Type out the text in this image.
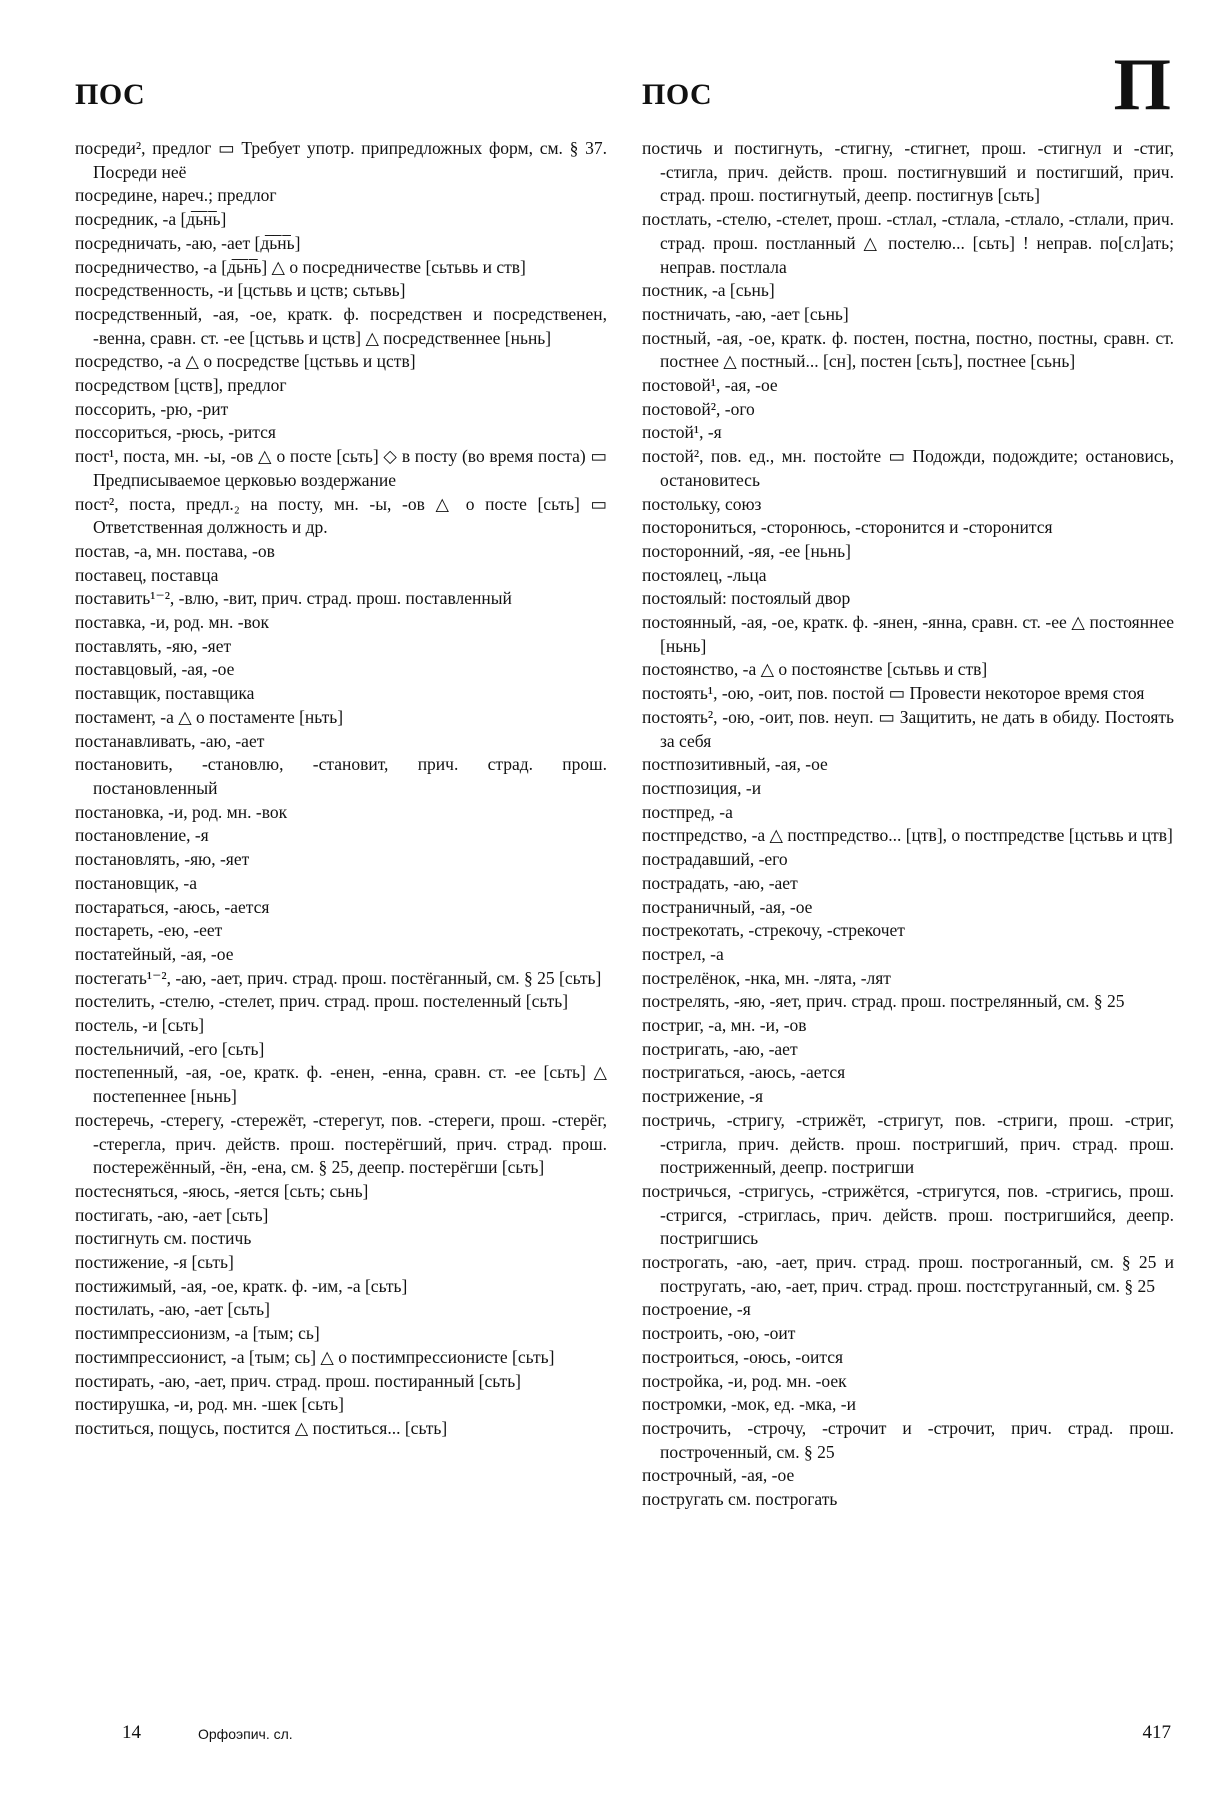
ПОС	ПОС	П

посреди², предлог ▭ Требует употр. припредложных форм, см. § 37. Посреди неё

посредине, нареч.; предлог

посредник, -а [д̅ь̅н̅ь]

посредничать, -аю, -ает [д̅ь̅н̅ь]

посредничество, -а [д̅ь̅н̅ь] △ о посредничестве [сьтьвь и ств]

посредственность, -и [цстьвь и цств; сьтьвь]

посредственный, -ая, -ое, кратк. ф. посредствен и посредственен, -венна, сравн. ст. -ее [цстьвь и цств] △ посредственнее [ньнь]

посредство, -а △ о посредстве [цстьвь и цств]

посредством [цств], предлог

поссорить, -рю, -рит

поссориться, -рюсь, -рится

пост¹, поста, мн. -ы, -ов △ о посте [сьть] ◇ в посту (во время поста) ▭ Предписываемое церковью воздержание

пост², поста, предл.₂ на посту, мн. -ы, -ов △ о посте [сьть] ▭ Ответственная должность и др.

постав, -а, мн. постава, -ов

поставец, поставца

поставить¹⁻², -влю, -вит, прич. страд. прош. поставленный

поставка, -и, род. мн. -вок

поставлять, -яю, -яет

поставцовый, -ая, -ое

поставщик, поставщика

постамент, -а △ о постаменте [ньть]

постанавливать, -аю, -ает

постановить, -становлю, -становит, прич. страд. прош. постановленный

постановка, -и, род. мн. -вок

постановление, -я

постановлять, -яю, -яет

постановщик, -а

постараться, -аюсь, -ается

постареть, -ею, -еет

постатейный, -ая, -ое

постегать¹⁻², -аю, -ает, прич. страд. прош. постёганный, см. § 25 [сьть]

постелить, -стелю, -стелет, прич. страд. прош. постеленный [сьть]

постель, -и [сьть]

постельничий, -его [сьть]

постепенный, -ая, -ое, кратк. ф. -енен, -енна, сравн. ст. -ее [сьть] △ постепеннее [ньнь]

постеречь, -стерегу, -стережёт, -стерегут, пов. -стереги, прош. -стерёг, -стерегла, прич. действ. прош. постерёгший, прич. страд. прош. постережённый, -ён, -ена, см. § 25, деепр. постерёгши [сьть]

постесняться, -яюсь, -яется [сьть; сьнь]

постигать, -аю, -ает [сьть]

постигнуть см. постичь

постижение, -я [сьть]

постижимый, -ая, -ое, кратк. ф. -им, -а [сьть]

постилать, -аю, -ает [сьть]

постимпрессионизм, -а [тым; сь]

постимпрессионист, -а [тым; сь] △ о постимпрессионисте [сьть]

постирать, -аю, -ает, прич. страд. прош. постиранный [сьть]

постирушка, -и, род. мн. -шек [сьть]

поститься, пощусь, постится △ поститься... [сьть]

постичь и постигнуть, -стигну, -стигнет, прош. -стигнул и -стиг, -стигла, прич. действ. прош. постигнувший и постигший, прич. страд. прош. постигнутый, деепр. постигнув [сьть]

постлать, -стелю, -стелет, прош. -стлал, -стлала, -стлало, -стлали, прич. страд. прош. постланный △ постелю... [сьть] ! неправ. по[сл]ать; неправ. постлала

постник, -а [сьнь]

постничать, -аю, -ает [сьнь]

постный, -ая, -ое, кратк. ф. постен, постна, постно, постны, сравн. ст. постнее △ постный... [сн], постен [сьть], постнее [сьнь]

постовой¹, -ая, -ое

постовой², -ого

постой¹, -я

постой², пов. ед., мн. постойте ▭ Подожди, подождите; остановись, остановитесь

постольку, союз

посторониться, -сторонюсь, -сторонится и -сторонится

посторонний, -яя, -ее [ньнь]

постоялец, -льца

постоялый: постоялый двор

постоянный, -ая, -ое, кратк. ф. -янен, -янна, сравн. ст. -ее △ постояннее [ньнь]

постоянство, -а △ о постоянстве [сьтьвь и ств]

постоять¹, -ою, -оит, пов. постой ▭ Провести некоторое время стоя

постоять², -ою, -оит, пов. неуп. ▭ Защитить, не дать в обиду. Постоять за себя

постпозитивный, -ая, -ое

постпозиция, -и

постпред, -а

постпредство, -а △ постпредство... [цтв], о постпредстве [цстьвь и цтв]

пострадавший, -его

пострадать, -аю, -ает

постраничный, -ая, -ое

пострекотать, -стрекочу, -стрекочет

пострел, -а

пострелёнок, -нка, мн. -лята, -лят

пострелять, -яю, -яет, прич. страд. прош. пострелянный, см. § 25

постриг, -а, мн. -и, -ов

постригать, -аю, -ает

постригаться, -аюсь, -ается

пострижение, -я

постричь, -стригу, -стрижёт, -стригут, пов. -стриги, прош. -стриг, -стригла, прич. действ. прош. постригший, прич. страд. прош. постриженный, деепр. постригши

постричься, -стригусь, -стрижётся, -стригутся, пов. -стригись, прош. -стригся, -стриглась, прич. действ. прош. постригшийся, деепр. постригшись

построгать, -аю, -ает, прич. страд. прош. построганный, см. § 25 и постругать, -аю, -ает, прич. страд. прош. постструганный, см. § 25

построение, -я

построить, -ою, -оит

построиться, -оюсь, -оится

постройка, -и, род. мн. -оек

постромки, -мок, ед. -мка, -и

построчить, -строчу, -строчит и -строчит, прич. страд. прош. построченный, см. § 25

построчный, -ая, -ое

постругать см. построгать

14	Орфоэпич. сл.	417
